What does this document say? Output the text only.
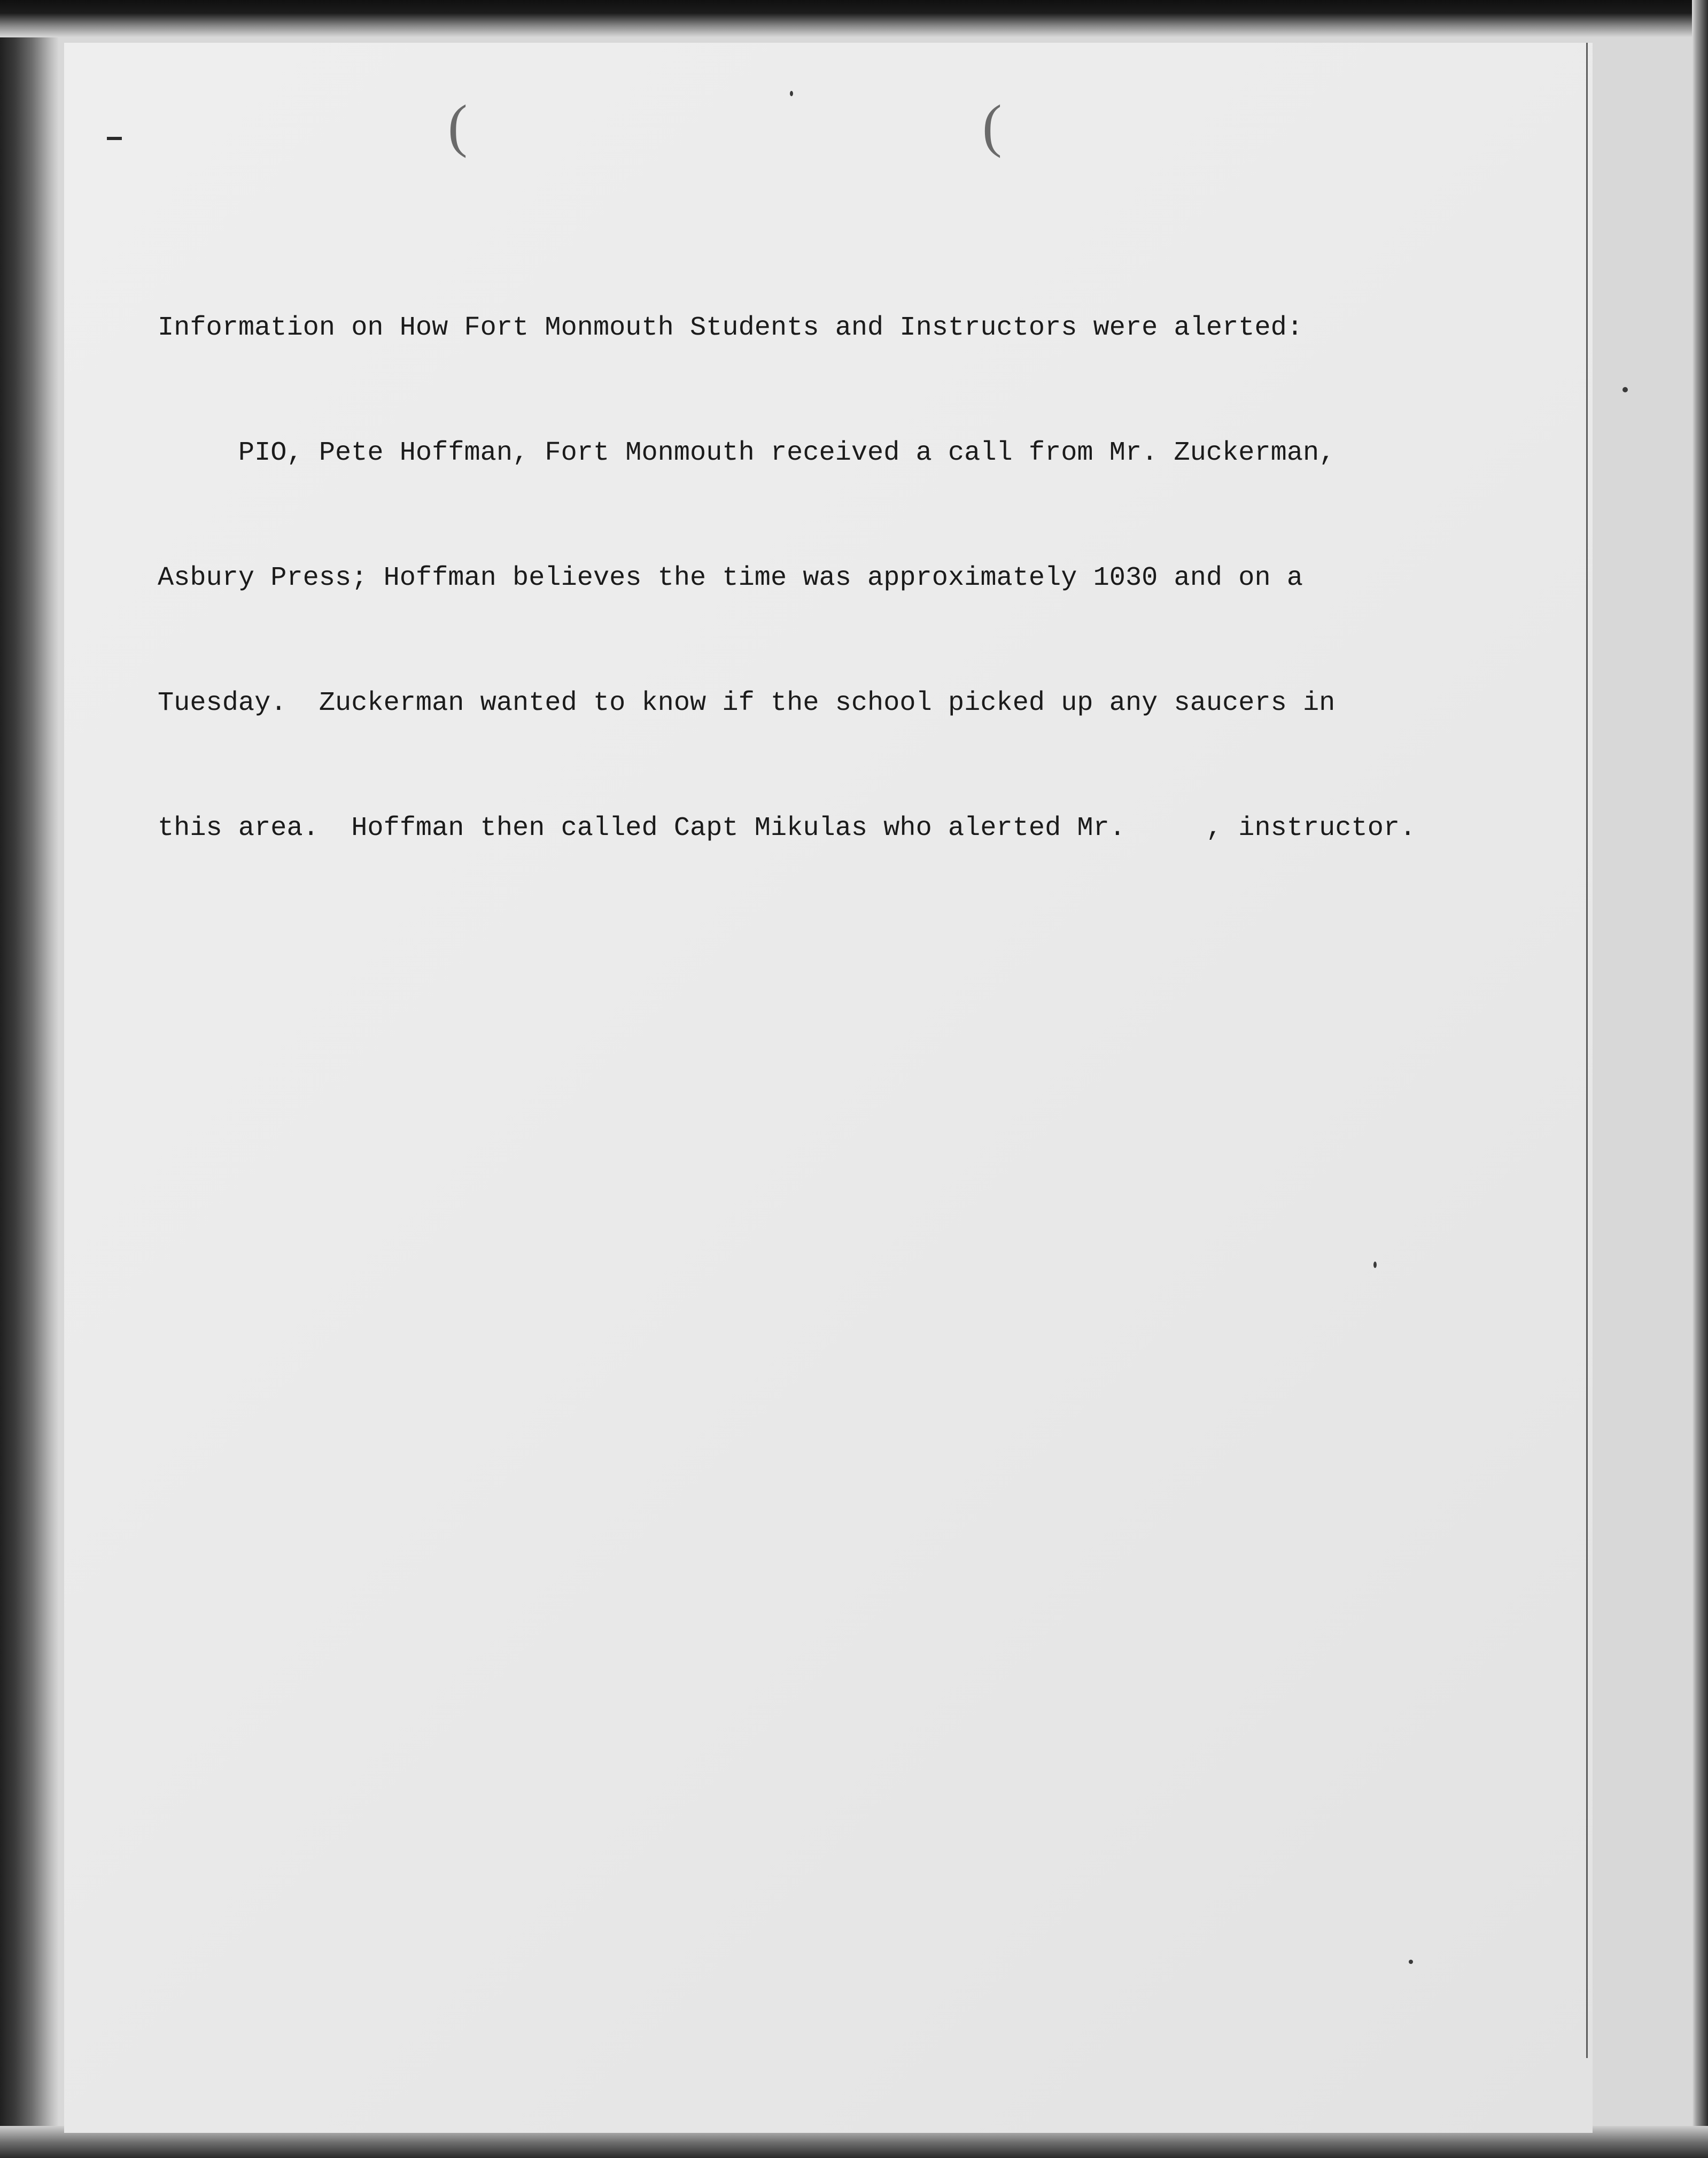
(	(

Information on How Fort Monmouth Students and Instructors were alerted:

PIO, Pete Hoffman, Fort Monmouth received a call from Mr. Zuckerman,

Asbury Press; Hoffman believes the time was approximately 1030 and on a

Tuesday.  Zuckerman wanted to know if the school picked up any saucers in

this area.  Hoffman then called Capt Mikulas who alerted Mr.     , instructor.
